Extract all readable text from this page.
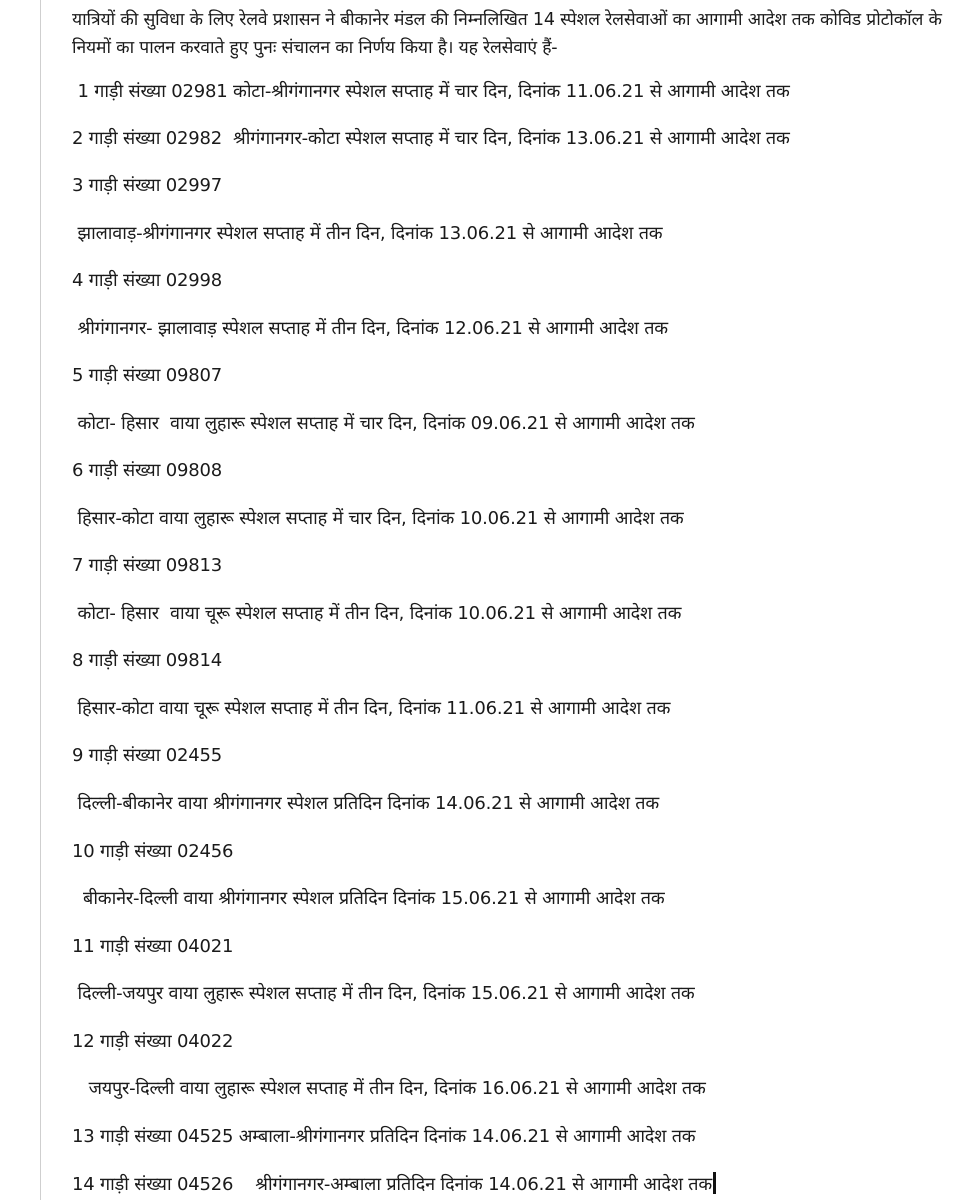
यात्रियों की सुविधा के लिए रेलवे प्रशासन ने बीकानेर मंडल की निम्नलिखित 14 स्पेशल रेलसेवाओं का आगामी आदेश तक कोविड प्रोटोकॉल के नियमों का पालन करवाते हुए पुनः संचालन का निर्णय किया है। यह रेलसेवाएं हैं-

1 गाड़ी संख्या 02981 कोटा-श्रीगंगानगर स्पेशल सप्ताह में चार दिन, दिनांक 11.06.21 से आगामी आदेश तक
2 गाड़ी संख्या 02982  श्रीगंगानगर-कोटा स्पेशल सप्ताह में चार दिन, दिनांक 13.06.21 से आगामी आदेश तक
3 गाड़ी संख्या 02997
झालावाड़-श्रीगंगानगर स्पेशल सप्ताह में तीन दिन, दिनांक 13.06.21 से आगामी आदेश तक
4 गाड़ी संख्या 02998
श्रीगंगानगर- झालावाड़ स्पेशल सप्ताह में तीन दिन, दिनांक 12.06.21 से आगामी आदेश तक
5 गाड़ी संख्या 09807
कोटा- हिसार  वाया लुहारू स्पेशल सप्ताह में चार दिन, दिनांक 09.06.21 से आगामी आदेश तक
6 गाड़ी संख्या 09808
हिसार-कोटा वाया लुहारू स्पेशल सप्ताह में चार दिन, दिनांक 10.06.21 से आगामी आदेश तक
7 गाड़ी संख्या 09813
कोटा- हिसार  वाया चूरू स्पेशल सप्ताह में तीन दिन, दिनांक 10.06.21 से आगामी आदेश तक
8 गाड़ी संख्या 09814
हिसार-कोटा वाया चूरू स्पेशल सप्ताह में तीन दिन, दिनांक 11.06.21 से आगामी आदेश तक
9 गाड़ी संख्या 02455
दिल्ली-बीकानेर वाया श्रीगंगानगर स्पेशल प्रतिदिन दिनांक 14.06.21 से आगामी आदेश तक
10 गाड़ी संख्या 02456
बीकानेर-दिल्ली वाया श्रीगंगानगर स्पेशल प्रतिदिन दिनांक 15.06.21 से आगामी आदेश तक
11 गाड़ी संख्या 04021
दिल्ली-जयपुर वाया लुहारू स्पेशल सप्ताह में तीन दिन, दिनांक 15.06.21 से आगामी आदेश तक
12 गाड़ी संख्या 04022
जयपुर-दिल्ली वाया लुहारू स्पेशल सप्ताह में तीन दिन, दिनांक 16.06.21 से आगामी आदेश तक
13 गाड़ी संख्या 04525 अम्बाला-श्रीगंगानगर प्रतिदिन दिनांक 14.06.21 से आगामी आदेश तक
14 गाड़ी संख्या 04526    श्रीगंगानगर-अम्बाला प्रतिदिन दिनांक 14.06.21 से आगामी आदेश तक
